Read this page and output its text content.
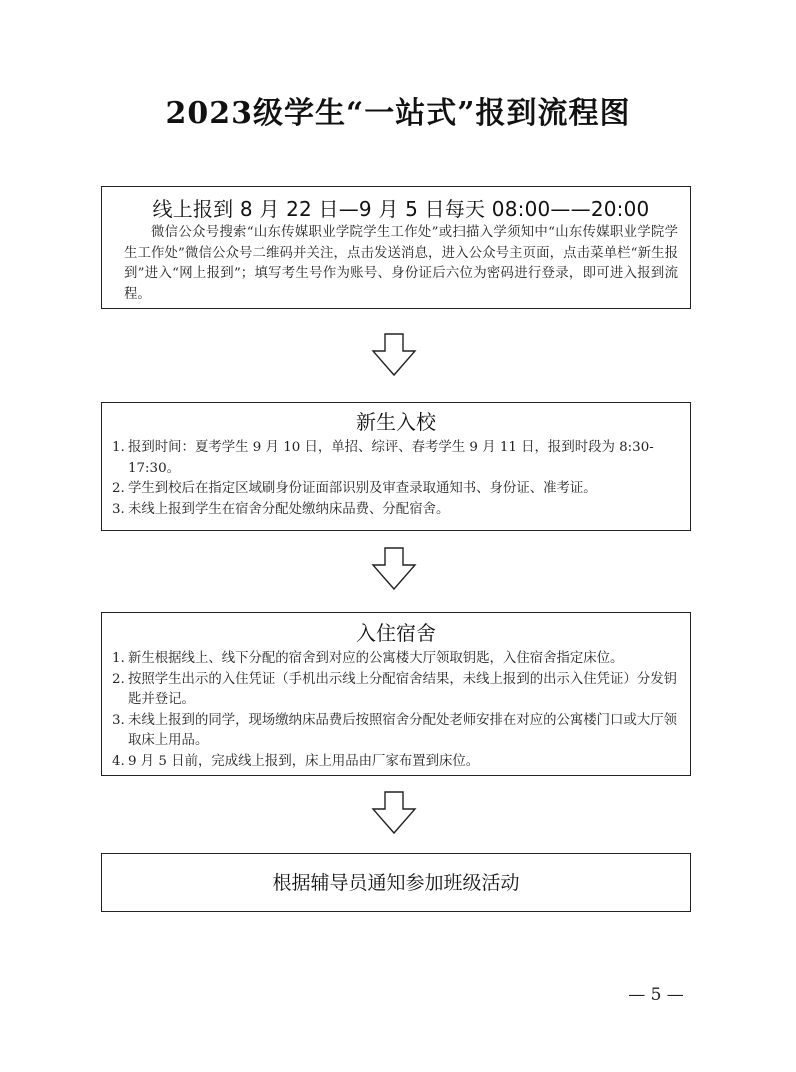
2023级学生“一站式”报到流程图
线上报到 8 月 22 日—9 月 5 日每天 08:00——20:00
微信公众号搜索“山东传媒职业学院学生工作处”或扫描入学须知中“山东传媒职业学院学生工作处”微信公众号二维码并关注，点击发送消息，进入公众号主页面，点击菜单栏“新生报到”进入“网上报到”；填写考生号作为账号、身份证后六位为密码进行登录，即可进入报到流程。
新生入校
1. 报到时间：夏考学生 9 月 10 日，单招、综评、春考学生 9 月 11 日，报到时段为 8:30-17:30。
2. 学生到校后在指定区域刷身份证面部识别及审查录取通知书、身份证、准考证。
3. 未线上报到学生在宿舍分配处缴纳床品费、分配宿舍。
入住宿舍
1. 新生根据线上、线下分配的宿舍到对应的公寓楼大厅领取钥匙，入住宿舍指定床位。
2. 按照学生出示的入住凭证（手机出示线上分配宿舍结果，未线上报到的出示入住凭证）分发钥匙并登记。
3. 未线上报到的同学，现场缴纳床品费后按照宿舍分配处老师安排在对应的公寓楼门口或大厅领取床上用品。
4. 9 月 5 日前，完成线上报到，床上用品由厂家布置到床位。
根据辅导员通知参加班级活动
— 5 —
